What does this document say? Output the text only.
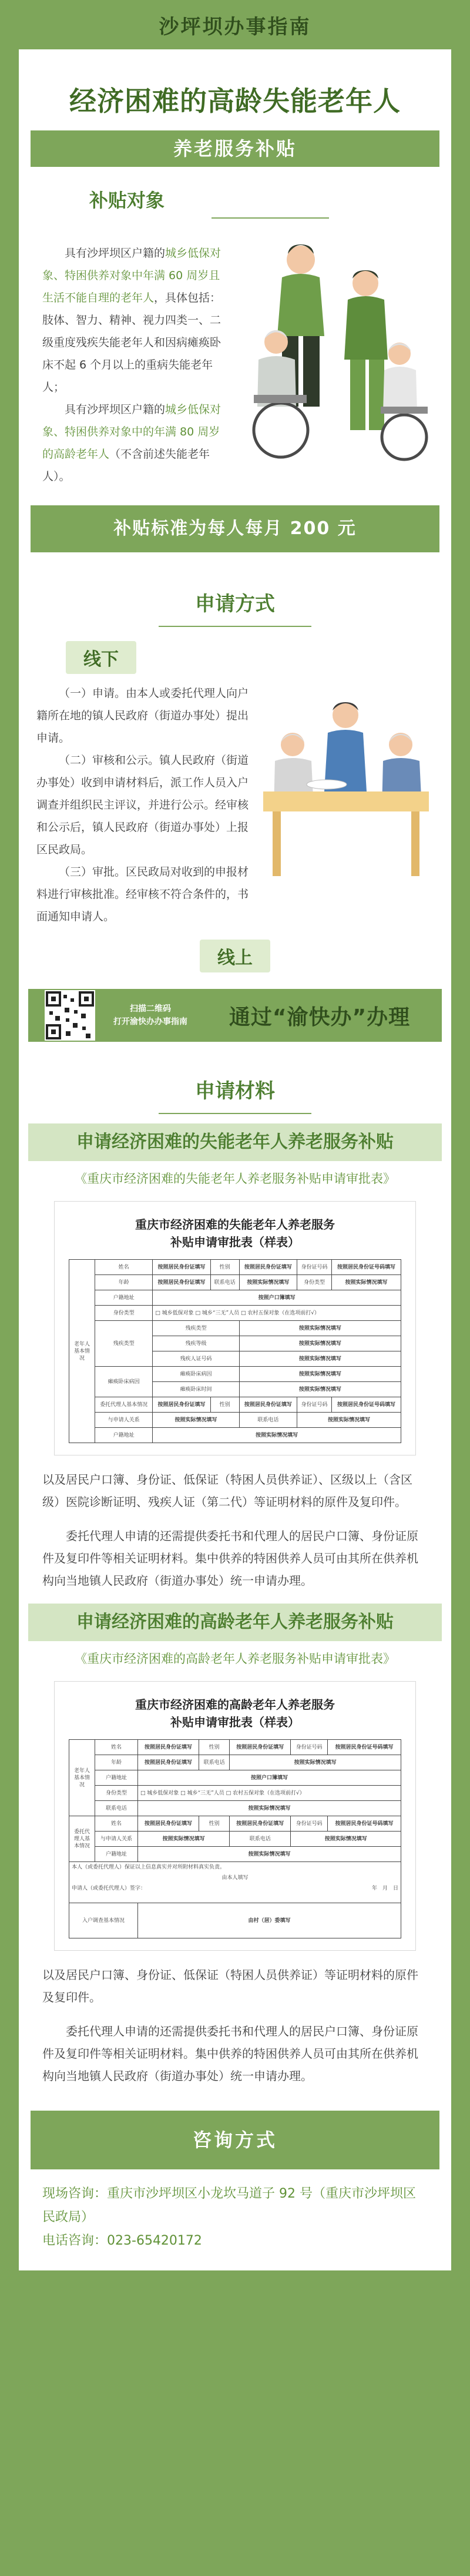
沙坪坝办事指南
经济困难的高龄失能老年人
养老服务补贴
补贴对象

具有沙坪坝区户籍的城乡低保对象、特困供养对象中年满 60 周岁且生活不能自理的老年人，具体包括：肢体、智力、精神、视力四类一、二级重度残疾失能老年人和因病瘫痪卧床不起 6 个月以上的重病失能老年人；

具有沙坪坝区户籍的城乡低保对象、特困供养对象中的年满 80 周岁的高龄老年人（不含前述失能老年人）。

补贴标准为每人每月 200 元
申请方式
线下

（一）申请。由本人或委托代理人向户籍所在地的镇人民政府（街道办事处）提出申请。

（二）审核和公示。镇人民政府（街道办事处）收到申请材料后，派工作人员入户调查并组织民主评议，并进行公示。经审核和公示后，镇人民政府（街道办事处）上报区民政局。

（三）审批。区民政局对收到的申报材料进行审核批准。经审核不符合条件的，书面通知申请人。

线上
扫描二维码
打开渝快办办事指南	通过“渝快办”办理
申请材料
申请经济困难的失能老年人养老服务补贴
《重庆市经济困难的失能老年人养老服务补贴申请审批表》
重庆市经济困难的失能老年人养老服务
补贴申请审批表（样表）
老年人基本情况	姓名	按照居民身份证填写	性别	按照居民身份证填写	身份证号码	按照居民身份证号码填写
	年龄	按照居民身份证填写	联系电话	按照实际情况填写	身份类型	按照实际情况填写
	户籍地址	按照户口簿填写				
	身份类型	□ 城乡低保对象 □ 城乡“三无”人员 □ 农村五保对象（在选项前打√）				
	残疾类型	残疾类型		按照实际情况填写		
		残疾等级		按照实际情况填写		
		残疾人证号码		按照实际情况填写		
	瘫痪卧床病因	瘫痪卧床病因		按照实际情况填写		
		瘫痪卧床时间		按照实际情况填写		
	委托代理人基本情况	按照居民身份证填写	性别	按照居民身份证填写	身份证号码	按照居民身份证号码填写
	与申请人关系	按照实际情况填写		联系电话	按照实际情况填写	
	户籍地址	按照实际情况填写				

以及居民户口簿、身份证、低保证（特困人员供养证）、区级以上（含区级）医院诊断证明、残疾人证（第二代）等证明材料的原件及复印件。

委托代理人申请的还需提供委托书和代理人的居民户口簿、身份证原件及复印件等相关证明材料。集中供养的特困供养人员可由其所在供养机构向当地镇人民政府（街道办事处）统一申请办理。

申请经济困难的高龄老年人养老服务补贴
《重庆市经济困难的高龄老年人养老服务补贴申请审批表》
重庆市经济困难的高龄老年人养老服务
补贴申请审批表（样表）
老年人基本情况	姓名	按照居民身份证填写	性别	按照居民身份证填写	身份证号码	按照居民身份证号码填写
	年龄	按照居民身份证填写	联系电话	按照实际情况填写		
	户籍地址	按照户口簿填写				
	身份类型	□ 城乡低保对象 □ 城乡“三无”人员 □ 农村五保对象（在选项前打√）				
	联系电话	按照实际情况填写				
委托代理人基本情况	姓名	按照居民身份证填写	性别	按照居民身份证填写	身份证号码	按照居民身份证号码填写
	与申请人关系	按照实际情况填写		联系电话	按照实际情况填写	
	户籍地址	按照实际情况填写				

本人（或委托代理人）保证以上信息真实并对所附材料真实负责。
由本人填写
申请人（或委托代理人）签字： 年　月　日						

入户调查基本情况		由村（居）委填写				

以及居民户口簿、身份证、低保证（特困人员供养证）等证明材料的原件及复印件。

委托代理人申请的还需提供委托书和代理人的居民户口簿、身份证原件及复印件等相关证明材料。集中供养的特困供养人员可由其所在供养机构向当地镇人民政府（街道办事处）统一申请办理。

咨询方式
现场咨询：重庆市沙坪坝区小龙坎马道子 92 号（重庆市沙坪坝区民政局）
电话咨询：023-65420172
